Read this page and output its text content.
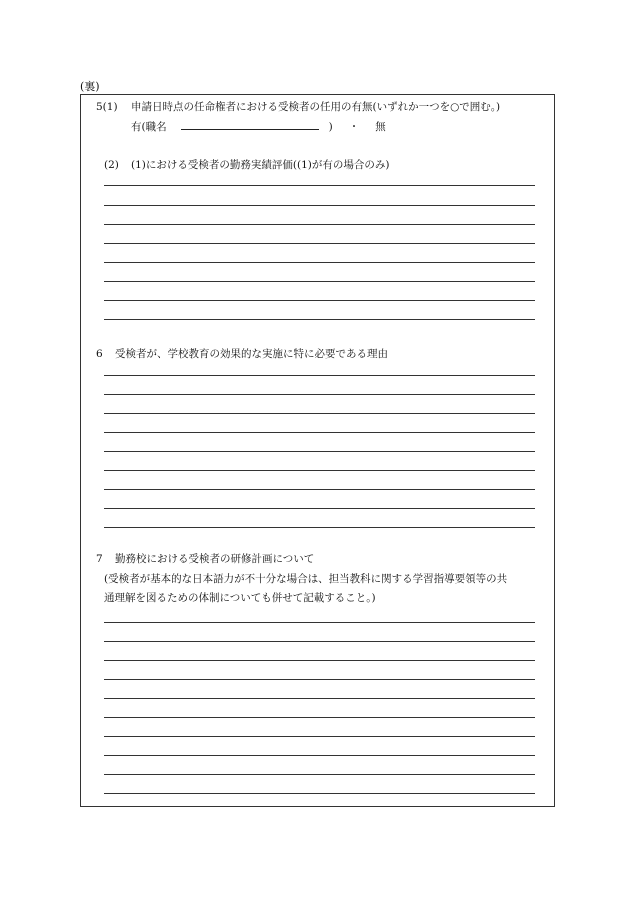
(裏)
5(1) 申請日時点の任命権者における受検者の任用の有無(いずれか一つを○で囲む。)
有(職名	) ・ 無
(2) (1)における受検者の勤務実績評価((1)が有の場合のみ)
6 受検者が、学校教育の効果的な実施に特に必要である理由
7 勤務校における受検者の研修計画について
(受検者が基本的な日本語力が不十分な場合は、担当教科に関する学習指導要領等の共
通理解を図るための体制についても併せて記載すること。)
